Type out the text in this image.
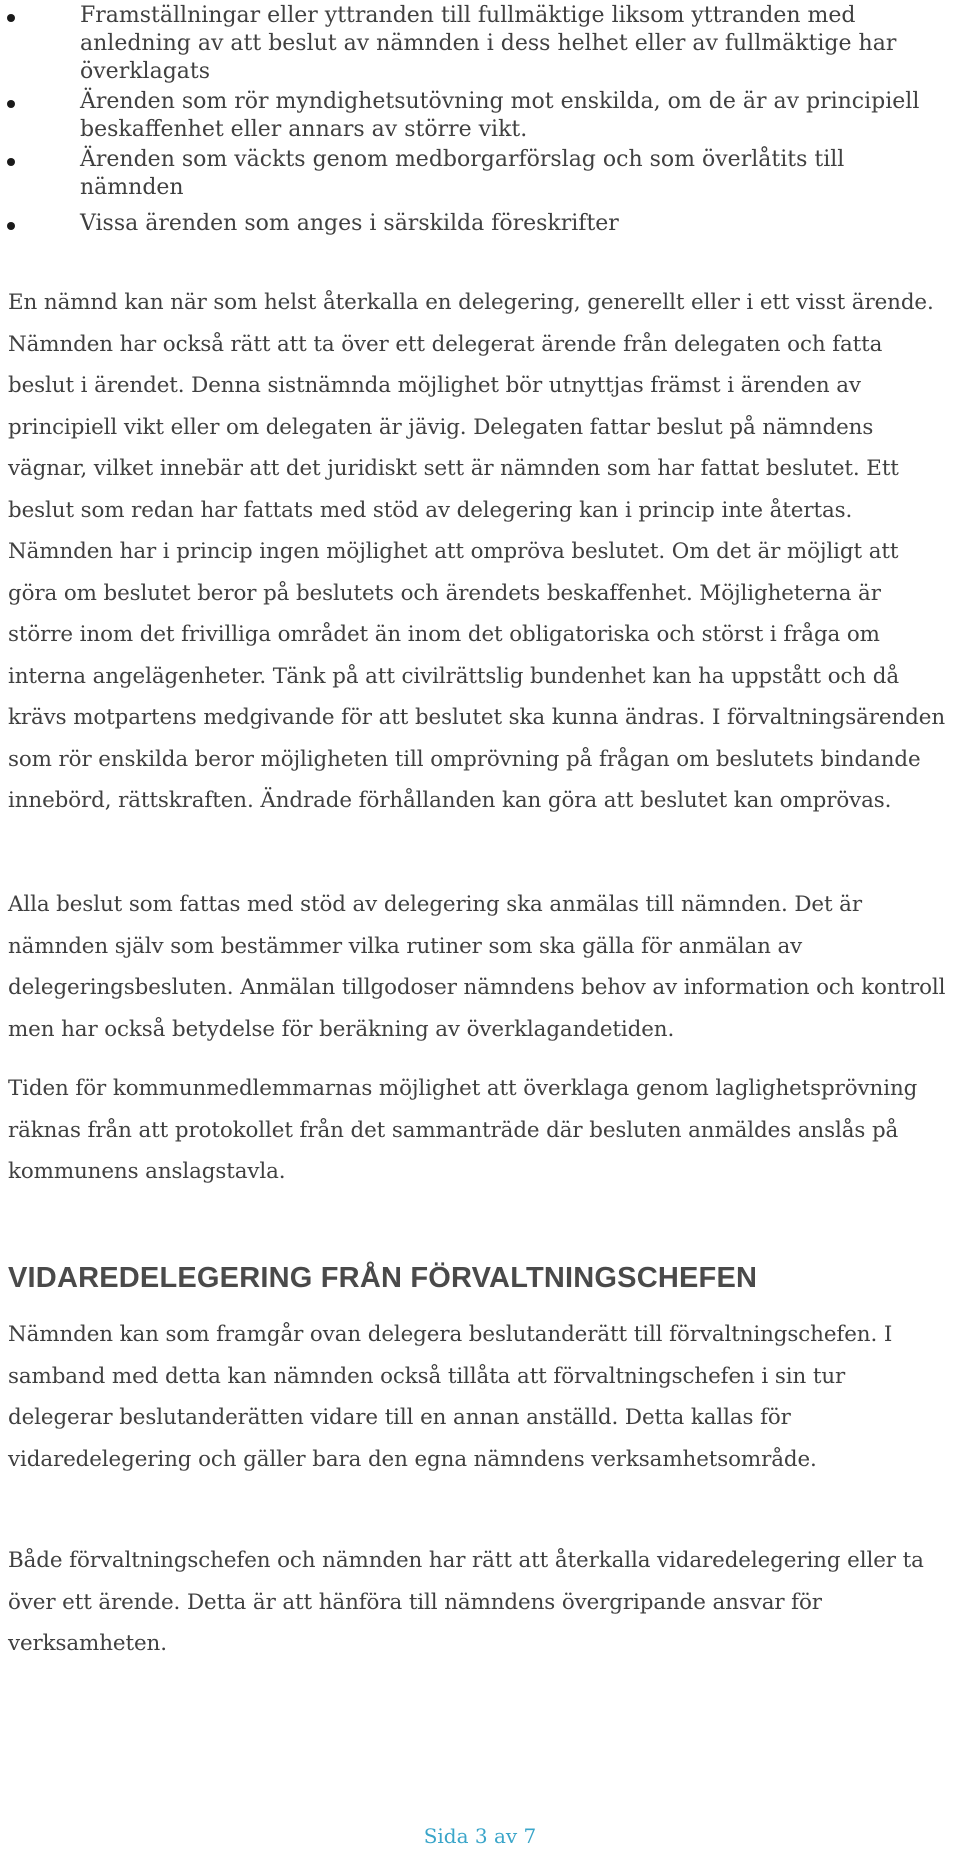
Framställningar eller yttranden till fullmäktige liksom yttranden med anledning av att beslut av nämnden i dess helhet eller av fullmäktige har överklagats
Ärenden som rör myndighetsutövning mot enskilda, om de är av principiell beskaffenhet eller annars av större vikt.
Ärenden som väckts genom medborgarförslag och som överlåtits till nämnden
Vissa ärenden som anges i särskilda föreskrifter

En nämnd kan när som helst återkalla en delegering, generellt eller i ett visst ärende. Nämnden har också rätt att ta över ett delegerat ärende från delegaten och fatta beslut i ärendet. Denna sistnämnda möjlighet bör utnyttjas främst i ärenden av principiell vikt eller om delegaten är jävig. Delegaten fattar beslut på nämndens vägnar, vilket innebär att det juridiskt sett är nämnden som har fattat beslutet. Ett beslut som redan har fattats med stöd av delegering kan i princip inte återtas. Nämnden har i princip ingen möjlighet att ompröva beslutet. Om det är möjligt att göra om beslutet beror på beslutets och ärendets beskaffenhet. Möjligheterna är större inom det frivilliga området än inom det obligatoriska och störst i fråga om interna angelägenheter. Tänk på att civilrättslig bundenhet kan ha uppstått och då krävs motpartens medgivande för att beslutet ska kunna ändras. I förvaltningsärenden som rör enskilda beror möjligheten till omprövning på frågan om beslutets bindande innebörd, rättskraften. Ändrade förhållanden kan göra att beslutet kan omprövas.

Alla beslut som fattas med stöd av delegering ska anmälas till nämnden. Det är nämnden själv som bestämmer vilka rutiner som ska gälla för anmälan av delegeringsbesluten. Anmälan tillgodoser nämndens behov av information och kontroll men har också betydelse för beräkning av överklagandetiden.

Tiden för kommunmedlemmarnas möjlighet att överklaga genom laglighetsprövning räknas från att protokollet från det sammanträde där besluten anmäldes anslås på kommunens anslagstavla.

VIDAREDELEGERING FRÅN FÖRVALTNINGSCHEFEN

Nämnden kan som framgår ovan delegera beslutanderätt till förvaltningschefen. I samband med detta kan nämnden också tillåta att förvaltningschefen i sin tur delegerar beslutanderätten vidare till en annan anställd. Detta kallas för vidaredelegering och gäller bara den egna nämndens verksamhetsområde.

Både förvaltningschefen och nämnden har rätt att återkalla vidaredelegering eller ta över ett ärende. Detta är att hänföra till nämndens övergripande ansvar för verksamheten.

Sida 3 av 7
